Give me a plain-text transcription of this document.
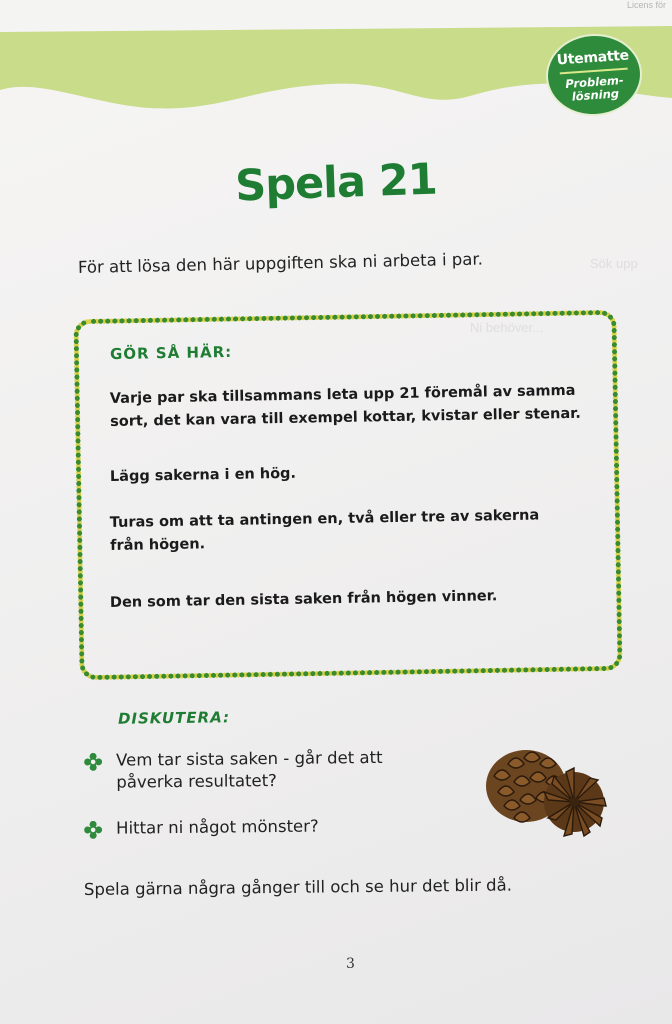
Licens för
Sök upp
Ni behöver...
Utematte
Problem-
lösning
Spela 21
För att lösa den här uppgiften ska ni arbeta i par.
GÖR SÅ HÄR:
Varje par ska tillsammans leta upp 21 föremål av samma
sort, det kan vara till exempel kottar, kvistar eller stenar.
Lägg sakerna i en hög.
Turas om att ta antingen en, två eller tre av sakerna
från högen.
Den som tar den sista saken från högen vinner.
DISKUTERA:
Vem tar sista saken - går det att
påverka resultatet?
Hittar ni något mönster?
Spela gärna några gånger till och se hur det blir då.
3
